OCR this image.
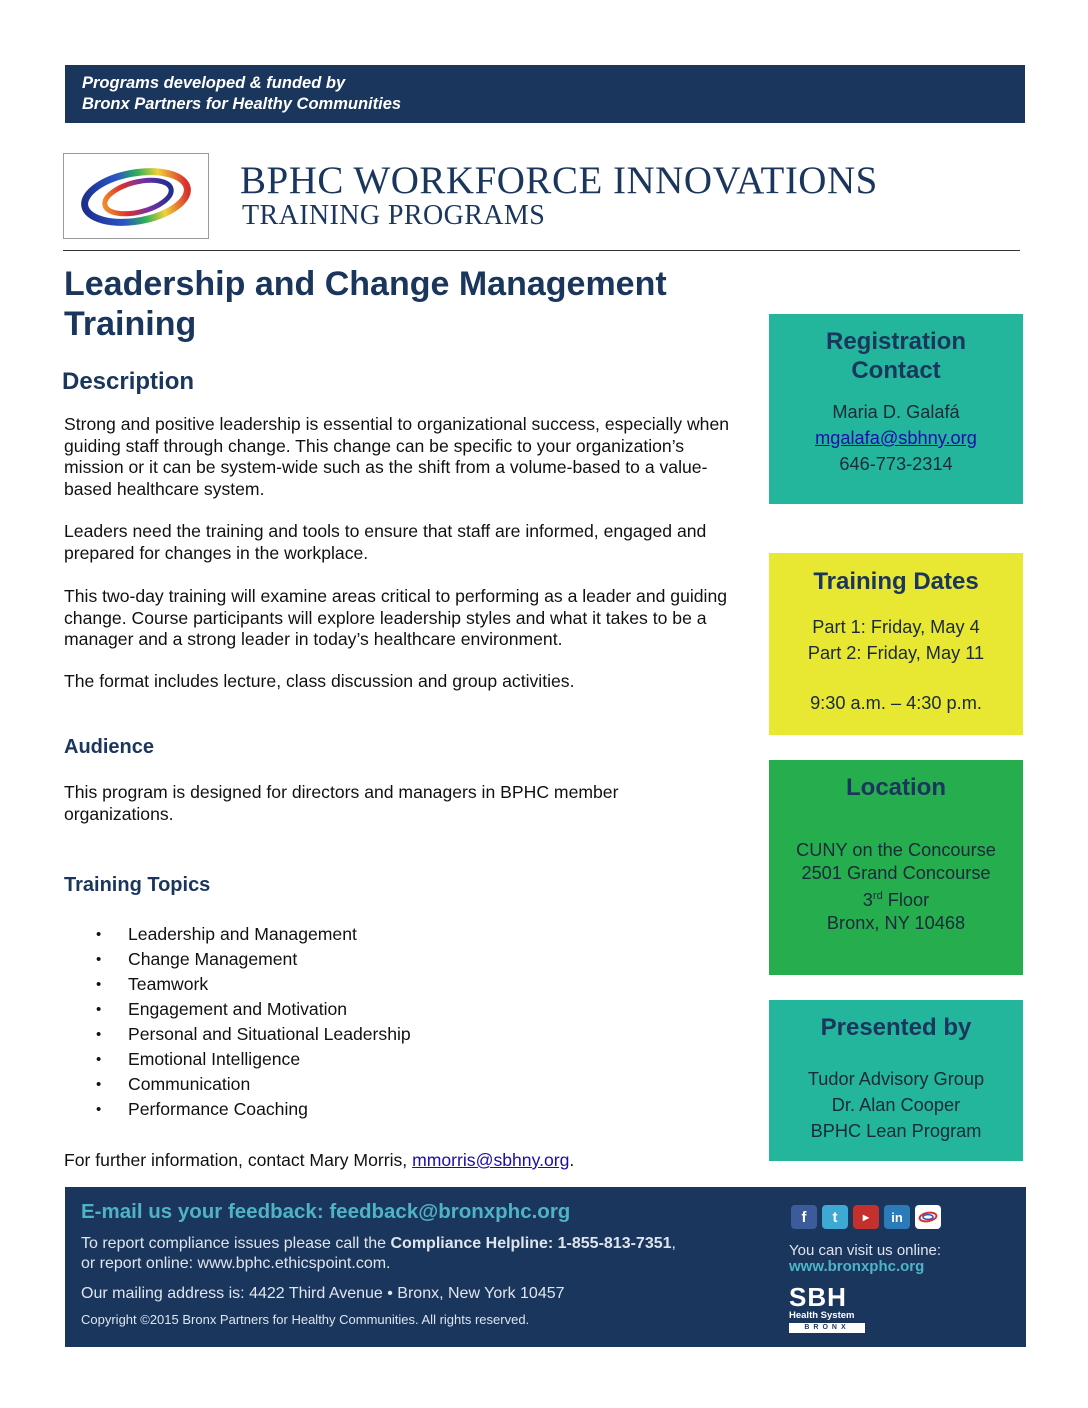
Programs developed & funded by
Bronx Partners for Healthy Communities
BPHC WORKFORCE INNOVATIONS
TRAINING PROGRAMS
Leadership and Change Management
Training
Description

Strong and positive leadership is essential to organizational success, especially when guiding staff through change. This change can be specific to your organization’s mission or it can be system-wide such as the shift from a volume-based to a value-based healthcare system.

Leaders need the training and tools to ensure that staff are informed, engaged and prepared for changes in the workplace.

This two-day training will examine areas critical to performing as a leader and guiding change. Course participants will explore leadership styles and what it takes to be a manager and a strong leader in today’s healthcare environment.

The format includes lecture, class discussion and group activities.

Audience

This program is designed for directors and managers in BPHC member organizations.

Training Topics
• Leadership and Management
• Change Management
• Teamwork
• Engagement and Motivation
• Personal and Situational Leadership
• Emotional Intelligence
• Communication
• Performance Coaching

For further information, contact Mary Morris, mmorris@sbhny.org.

Registration
Contact
Maria D. Galafá
mgalafa@sbhny.org
646-773-2314
Training Dates
Part 1: Friday, May 4
Part 2: Friday, May 11
9:30 a.m. – 4:30 p.m.
Location
CUNY on the Concourse
2501 Grand Concourse
3rd Floor
Bronx, NY 10468
Presented by
Tudor Advisory Group
Dr. Alan Cooper
BPHC Lean Program
E-mail us your feedback: feedback@bronxphc.org
To report compliance issues please call the Compliance Helpline: 1-855-813-7351,
or report online: www.bphc.ethicspoint.com.
Our mailing address is: 4422 Third Avenue • Bronx, New York 10457
Copyright ©2015 Bronx Partners for Healthy Communities. All rights reserved.
f	t	▶	in
You can visit us online:
www.bronxphc.org
SBH
Health System
BRONX
